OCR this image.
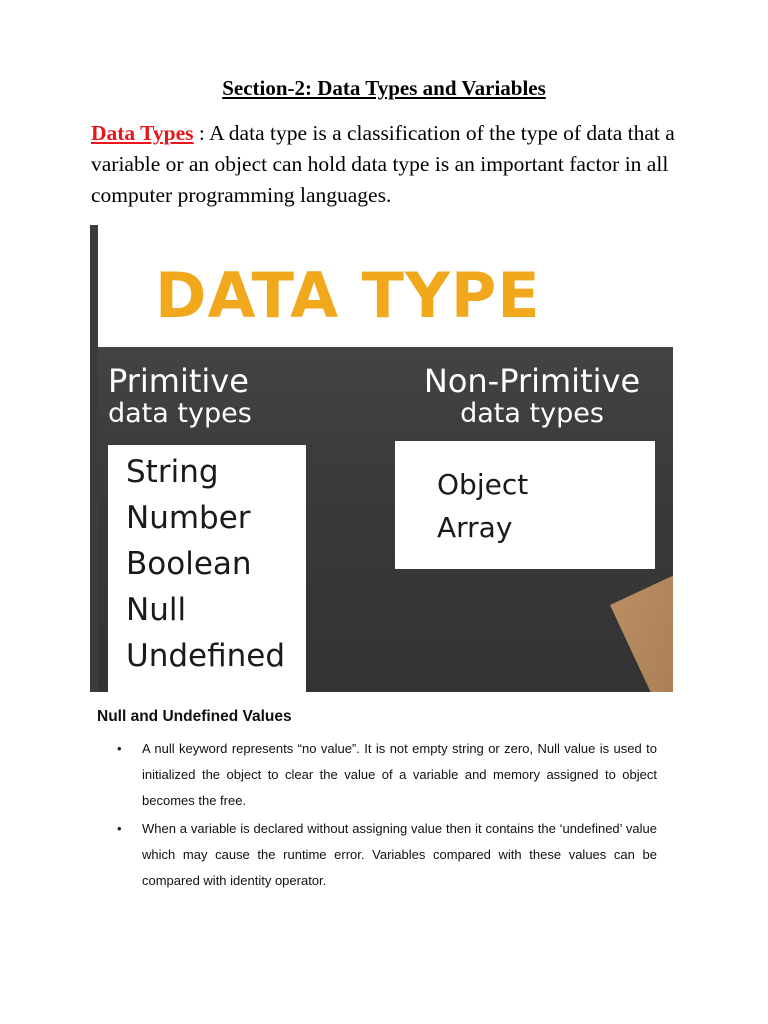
Section-2: Data Types and Variables
Data Types : A data type is a classification of the type of data that a variable or an object can hold data type is an important factor in all computer programming languages.
DATA TYPE
Primitive
data types
Non-Primitive
data types
String
Number
Boolean
Null
Undefined
Object
Array
Null and Undefined Values
• A null keyword represents “no value”. It is not empty string or zero, Null value is used to initialized the object to clear the value of a variable and memory assigned to object becomes the free.
• When a variable is declared without assigning value then it contains the ‘undefined’ value which may cause the runtime error. Variables compared with these values can be compared with identity operator.
